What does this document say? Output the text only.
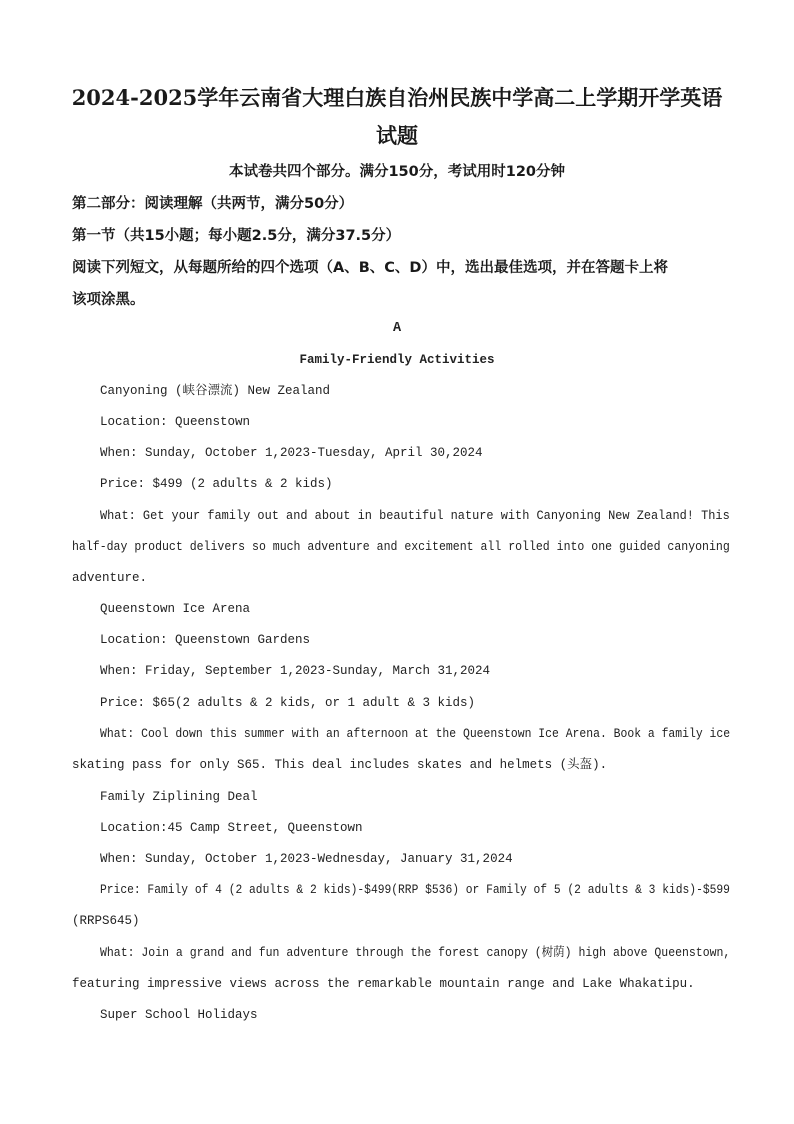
2024-2025学年云南省大理白族自治州民族中学高二上学期开学英语
试题
本试卷共四个部分。满分150分，考试用时120分钟
第二部分：阅读理解（共两节，满分50分）
第一节（共15小题；每小题2.5分，满分37.5分）
阅读下列短文，从每题所给的四个选项（A、B、C、D）中，选出最佳选项，并在答题卡上将
该项涂黑。
A
Family-Friendly Activities
Canyoning (峡谷漂流) New Zealand
Location: Queenstown
When: Sunday, October 1,2023-Tuesday, April 30,2024
Price: $499 (2 adults & 2 kids)
What: Get your family out and about in beautiful nature with Canyoning New Zealand! This
half-day product delivers so much adventure and excitement all rolled into one guided canyoning
adventure.
Queenstown Ice Arena
Location: Queenstown Gardens
When: Friday, September 1,2023-Sunday, March 31,2024
Price: $65(2 adults & 2 kids, or 1 adult & 3 kids)
What: Cool down this summer with an afternoon at the Queenstown Ice Arena. Book a family ice
skating pass for only S65. This deal includes skates and helmets (头盔).
Family Ziplining Deal
Location:45 Camp Street, Queenstown
When: Sunday, October 1,2023-Wednesday, January 31,2024
Price: Family of 4 (2 adults & 2 kids)-$499(RRP $536) or Family of 5 (2 adults & 3 kids)-$599
(RRPS645)
What: Join a grand and fun adventure through the forest canopy (树荫) high above Queenstown,
featuring impressive views across the remarkable mountain range and Lake Whakatipu.
Super School Holidays
